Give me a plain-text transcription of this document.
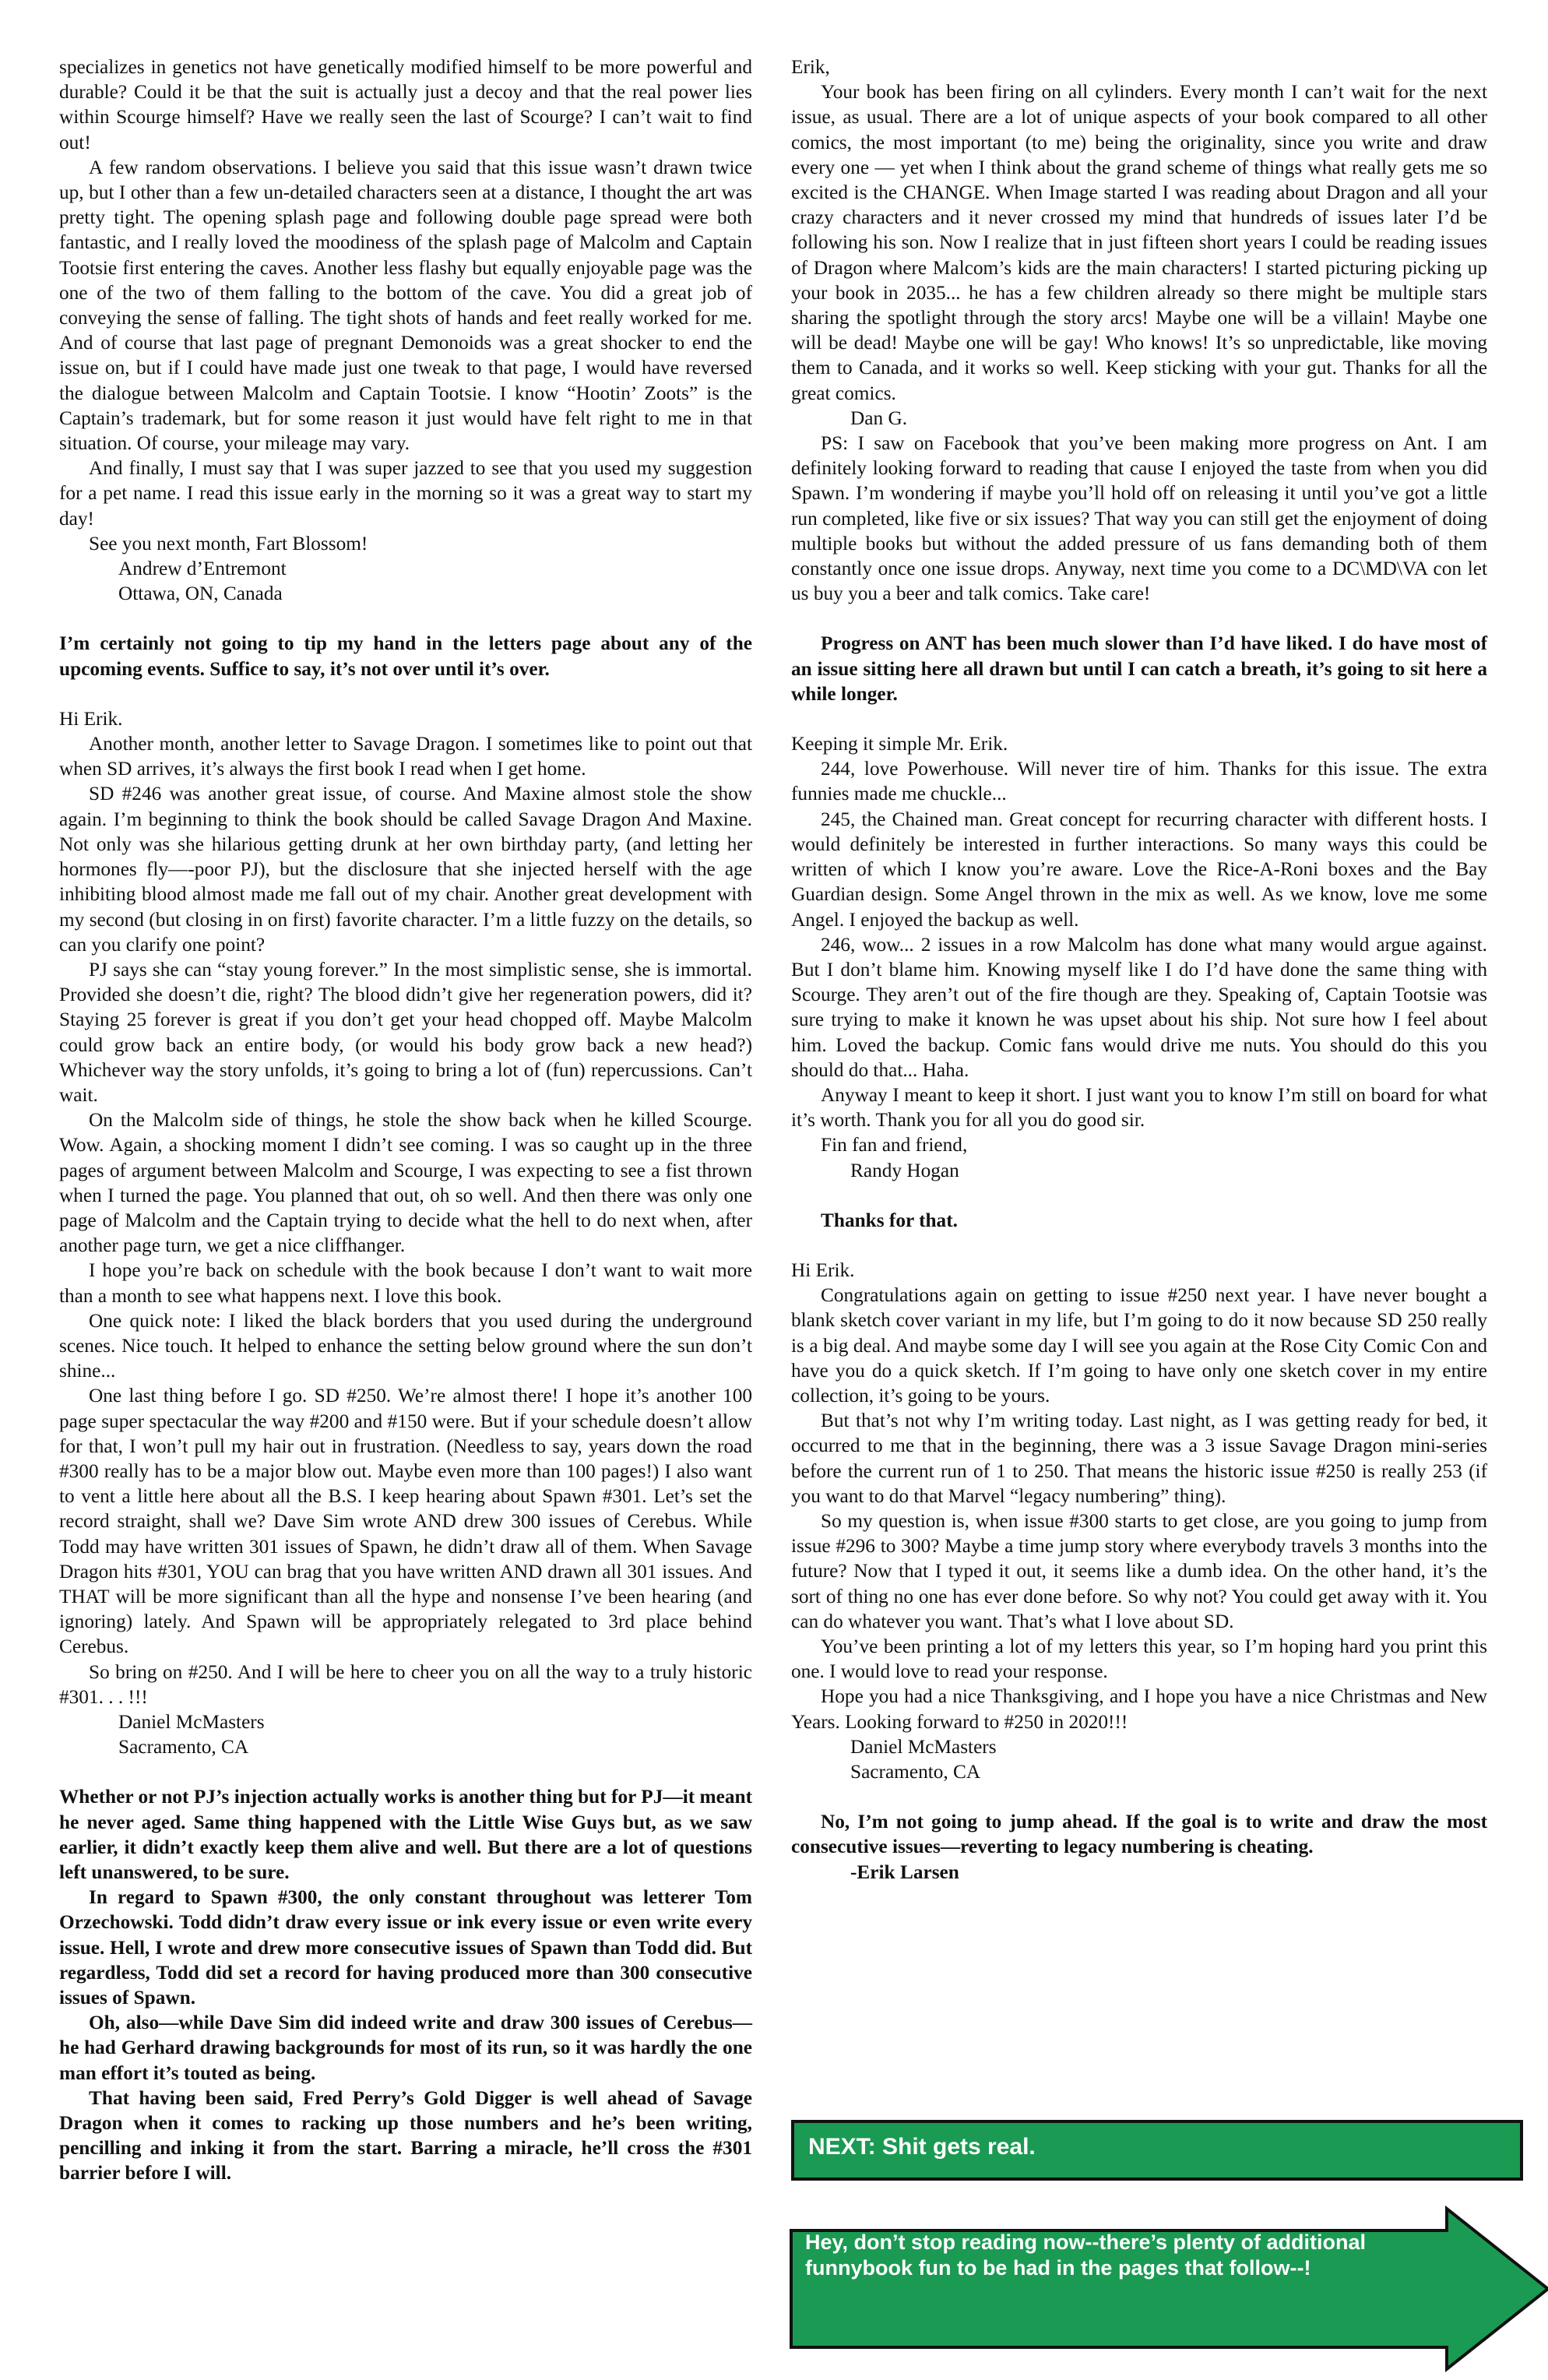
specializes in genetics not have genetically modified himself to be more powerful and durable? Could it be that the suit is actually just a decoy and that the real power lies within Scourge himself? Have we really seen the last of Scourge? I can’t wait to find out!

A few random observations. I believe you said that this issue wasn’t drawn twice up, but I other than a few un-detailed characters seen at a distance, I thought the art was pretty tight. The opening splash page and following double page spread were both fantastic, and I really loved the moodiness of the splash page of Malcolm and Captain Tootsie first entering the caves. Another less flashy but equally enjoyable page was the one of the two of them falling to the bottom of the cave. You did a great job of conveying the sense of falling. The tight shots of hands and feet really worked for me. And of course that last page of pregnant Demonoids was a great shocker to end the issue on, but if I could have made just one tweak to that page, I would have reversed the dialogue between Malcolm and Captain Tootsie. I know “Hootin’ Zoots” is the Captain’s trademark, but for some reason it just would have felt right to me in that situation. Of course, your mileage may vary.

And finally, I must say that I was super jazzed to see that you used my suggestion for a pet name. I read this issue early in the morning so it was a great way to start my day!

See you next month, Fart Blossom!

Andrew d’Entremont

Ottawa, ON, Canada

I’m certainly not going to tip my hand in the letters page about any of the upcoming events. Suffice to say, it’s not over until it’s over.

Hi Erik.

Another month, another letter to Savage Dragon. I sometimes like to point out that when SD arrives, it’s always the first book I read when I get home.

SD #246 was another great issue, of course. And Maxine almost stole the show again. I’m beginning to think the book should be called Savage Dragon And Maxine. Not only was she hilarious getting drunk at her own birthday party, (and letting her hormones fly—-poor PJ), but the disclosure that she injected herself with the age inhibiting blood almost made me fall out of my chair. Another great development with my second (but closing in on first) favorite character. I’m a little fuzzy on the details, so can you clarify one point?

PJ says she can “stay young forever.” In the most simplistic sense, she is immortal. Provided she doesn’t die, right? The blood didn’t give her regeneration powers, did it? Staying 25 forever is great if you don’t get your head chopped off. Maybe Malcolm could grow back an entire body, (or would his body grow back a new head?) Whichever way the story unfolds, it’s going to bring a lot of (fun) repercussions. Can’t wait.

On the Malcolm side of things, he stole the show back when he killed Scourge. Wow. Again, a shocking moment I didn’t see coming. I was so caught up in the three pages of argument between Malcolm and Scourge, I was expecting to see a fist thrown when I turned the page. You planned that out, oh so well. And then there was only one page of Malcolm and the Captain trying to decide what the hell to do next when, after another page turn, we get a nice cliffhanger.

I hope you’re back on schedule with the book because I don’t want to wait more than a month to see what happens next. I love this book.

One quick note: I liked the black borders that you used during the underground scenes. Nice touch. It helped to enhance the setting below ground where the sun don’t shine...

One last thing before I go. SD #250. We’re almost there! I hope it’s another 100 page super spectacular the way #200 and #150 were. But if your schedule doesn’t allow for that, I won’t pull my hair out in frustration. (Needless to say, years down the road #300 really has to be a major blow out. Maybe even more than 100 pages!) I also want to vent a little here about all the B.S. I keep hearing about Spawn #301. Let’s set the record straight, shall we? Dave Sim wrote AND drew 300 issues of Cerebus. While Todd may have written 301 issues of Spawn, he didn’t draw all of them. When Savage Dragon hits #301, YOU can brag that you have written AND drawn all 301 issues. And THAT will be more significant than all the hype and nonsense I’ve been hearing (and ignoring) lately. And Spawn will be appropriately relegated to 3rd place behind Cerebus.

So bring on #250. And I will be here to cheer you on all the way to a truly historic #301. . . !!!

Daniel McMasters

Sacramento, CA

Whether or not PJ’s injection actually works is another thing but for PJ—it meant he never aged. Same thing happened with the Little Wise Guys but, as we saw earlier, it didn’t exactly keep them alive and well. But there are a lot of questions left unanswered, to be sure.

In regard to Spawn #300, the only constant throughout was letterer Tom Orzechowski. Todd didn’t draw every issue or ink every issue or even write every issue. Hell, I wrote and drew more consecutive issues of Spawn than Todd did. But regardless, Todd did set a record for having produced more than 300 consecutive issues of Spawn.

Oh, also—while Dave Sim did indeed write and draw 300 issues of Cerebus—he had Gerhard drawing backgrounds for most of its run, so it was hardly the one man effort it’s touted as being.

That having been said, Fred Perry’s Gold Digger is well ahead of Savage Dragon when it comes to racking up those numbers and he’s been writing, pencilling and inking it from the start. Barring a miracle, he’ll cross the #301 barrier before I will.

Erik,

Your book has been firing on all cylinders. Every month I can’t wait for the next issue, as usual. There are a lot of unique aspects of your book compared to all other comics, the most important (to me) being the originality, since you write and draw every one — yet when I think about the grand scheme of things what really gets me so excited is the CHANGE. When Image started I was reading about Dragon and all your crazy characters and it never crossed my mind that hundreds of issues later I’d be following his son. Now I realize that in just fifteen short years I could be reading issues of Dragon where Malcom’s kids are the main characters! I started picturing picking up your book in 2035... he has a few children already so there might be multiple stars sharing the spotlight through the story arcs! Maybe one will be a villain! Maybe one will be dead! Maybe one will be gay! Who knows! It’s so unpredictable, like moving them to Canada, and it works so well. Keep sticking with your gut. Thanks for all the great comics.

Dan G.

PS: I saw on Facebook that you’ve been making more progress on Ant. I am definitely looking forward to reading that cause I enjoyed the taste from when you did Spawn. I’m wondering if maybe you’ll hold off on releasing it until you’ve got a little run completed, like five or six issues? That way you can still get the enjoyment of doing multiple books but without the added pressure of us fans demanding both of them constantly once one issue drops. Anyway, next time you come to a DC\MD\VA con let us buy you a beer and talk comics. Take care!

Progress on ANT has been much slower than I’d have liked. I do have most of an issue sitting here all drawn but until I can catch a breath, it’s going to sit here a while longer.

Keeping it simple Mr. Erik.

244, love Powerhouse. Will never tire of him. Thanks for this issue. The extra funnies made me chuckle...

245, the Chained man. Great concept for recurring character with different hosts. I would definitely be interested in further interactions. So many ways this could be written of which I know you’re aware. Love the Rice-A-Roni boxes and the Bay Guardian design. Some Angel thrown in the mix as well. As we know, love me some Angel. I enjoyed the backup as well.

246, wow... 2 issues in a row Malcolm has done what many would argue against. But I don’t blame him. Knowing myself like I do I’d have done the same thing with Scourge. They aren’t out of the fire though are they. Speaking of, Captain Tootsie was sure trying to make it known he was upset about his ship. Not sure how I feel about him. Loved the backup. Comic fans would drive me nuts. You should do this you should do that... Haha.

Anyway I meant to keep it short. I just want you to know I’m still on board for what it’s worth. Thank you for all you do good sir.

Fin fan and friend,

Randy Hogan

Thanks for that.

Hi Erik.

Congratulations again on getting to issue #250 next year. I have never bought a blank sketch cover variant in my life, but I’m going to do it now because SD 250 really is a big deal. And maybe some day I will see you again at the Rose City Comic Con and have you do a quick sketch. If I’m going to have only one sketch cover in my entire collection, it’s going to be yours.

But that’s not why I’m writing today. Last night, as I was getting ready for bed, it occurred to me that in the beginning, there was a 3 issue Savage Dragon mini-series before the current run of 1 to 250. That means the historic issue #250 is really 253 (if you want to do that Marvel “legacy numbering” thing).

So my question is, when issue #300 starts to get close, are you going to jump from issue #296 to 300? Maybe a time jump story where everybody travels 3 months into the future? Now that I typed it out, it seems like a dumb idea. On the other hand, it’s the sort of thing no one has ever done before. So why not? You could get away with it. You can do whatever you want. That’s what I love about SD.

You’ve been printing a lot of my letters this year, so I’m hoping hard you print this one. I would love to read your response.

Hope you had a nice Thanksgiving, and I hope you have a nice Christmas and New Years. Looking forward to #250 in 2020!!!

Daniel McMasters

Sacramento, CA

No, I’m not going to jump ahead. If the goal is to write and draw the most consecutive issues—reverting to legacy numbering is cheating.

-Erik Larsen

NEXT: Shit gets real.
Hey, don’t stop reading now--there’s plenty of additional funnybook fun to be had in the pages that follow--!
